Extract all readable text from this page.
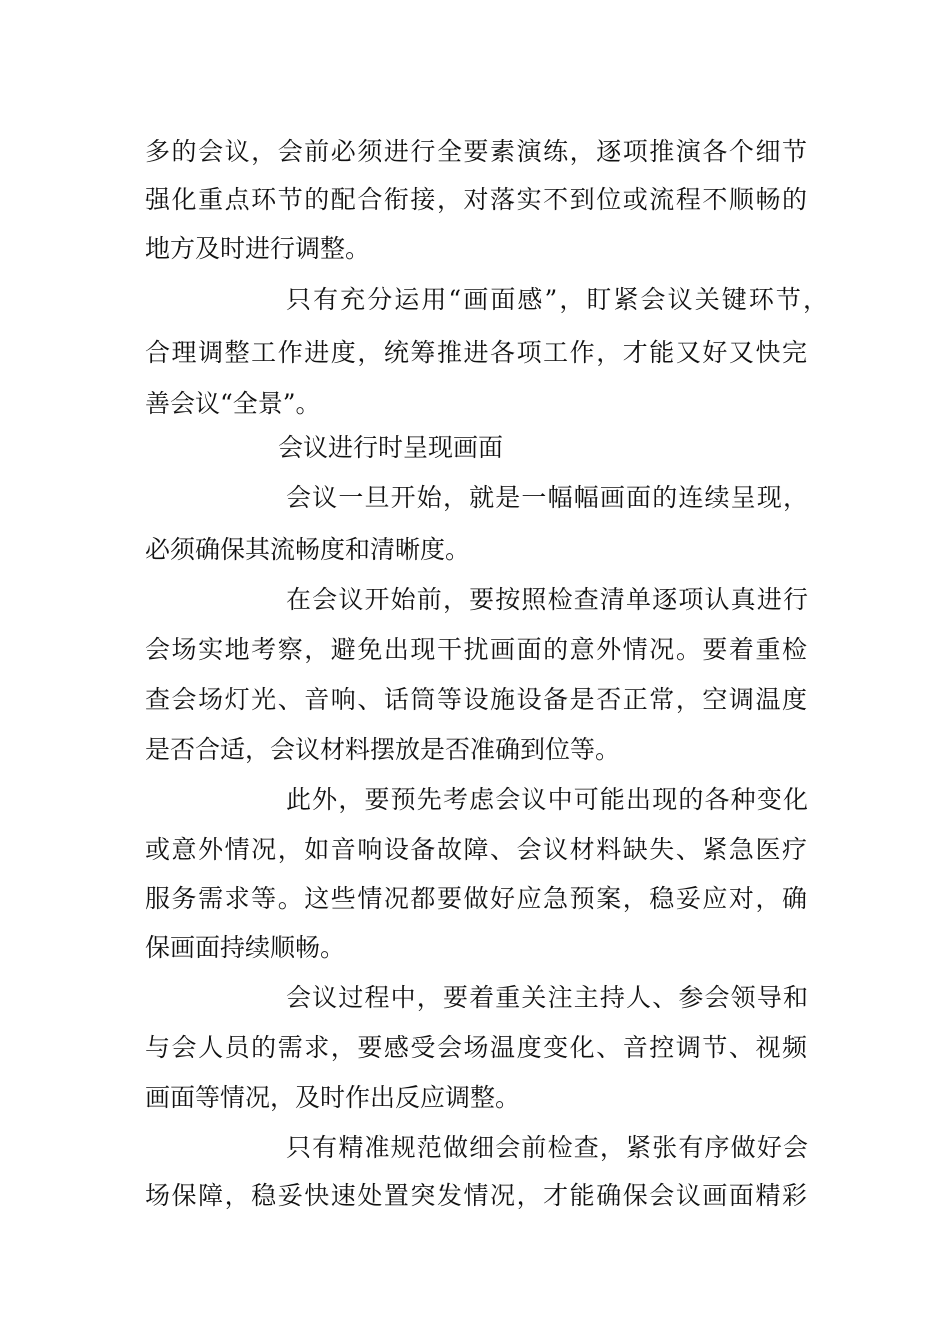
多的会议，会前必须进行全要素演练，逐项推演各个细节
强化重点环节的配合衔接，对落实不到位或流程不顺畅的
地方及时进行调整。
只有充分运用“画面感”，盯紧会议关键环节，
合理调整工作进度，统筹推进各项工作，才能又好又快完
善会议“全景”。
会议进行时呈现画面
会议一旦开始，就是一幅幅画面的连续呈现，
必须确保其流畅度和清晰度。
在会议开始前，要按照检查清单逐项认真进行
会场实地考察，避免出现干扰画面的意外情况。要着重检
查会场灯光、音响、话筒等设施设备是否正常，空调温度
是否合适，会议材料摆放是否准确到位等。
此外，要预先考虑会议中可能出现的各种变化
或意外情况，如音响设备故障、会议材料缺失、紧急医疗
服务需求等。这些情况都要做好应急预案，稳妥应对，确
保画面持续顺畅。
会议过程中，要着重关注主持人、参会领导和
与会人员的需求，要感受会场温度变化、音控调节、视频
画面等情况，及时作出反应调整。
只有精准规范做细会前检查，紧张有序做好会
场保障，稳妥快速处置突发情况，才能确保会议画面精彩
